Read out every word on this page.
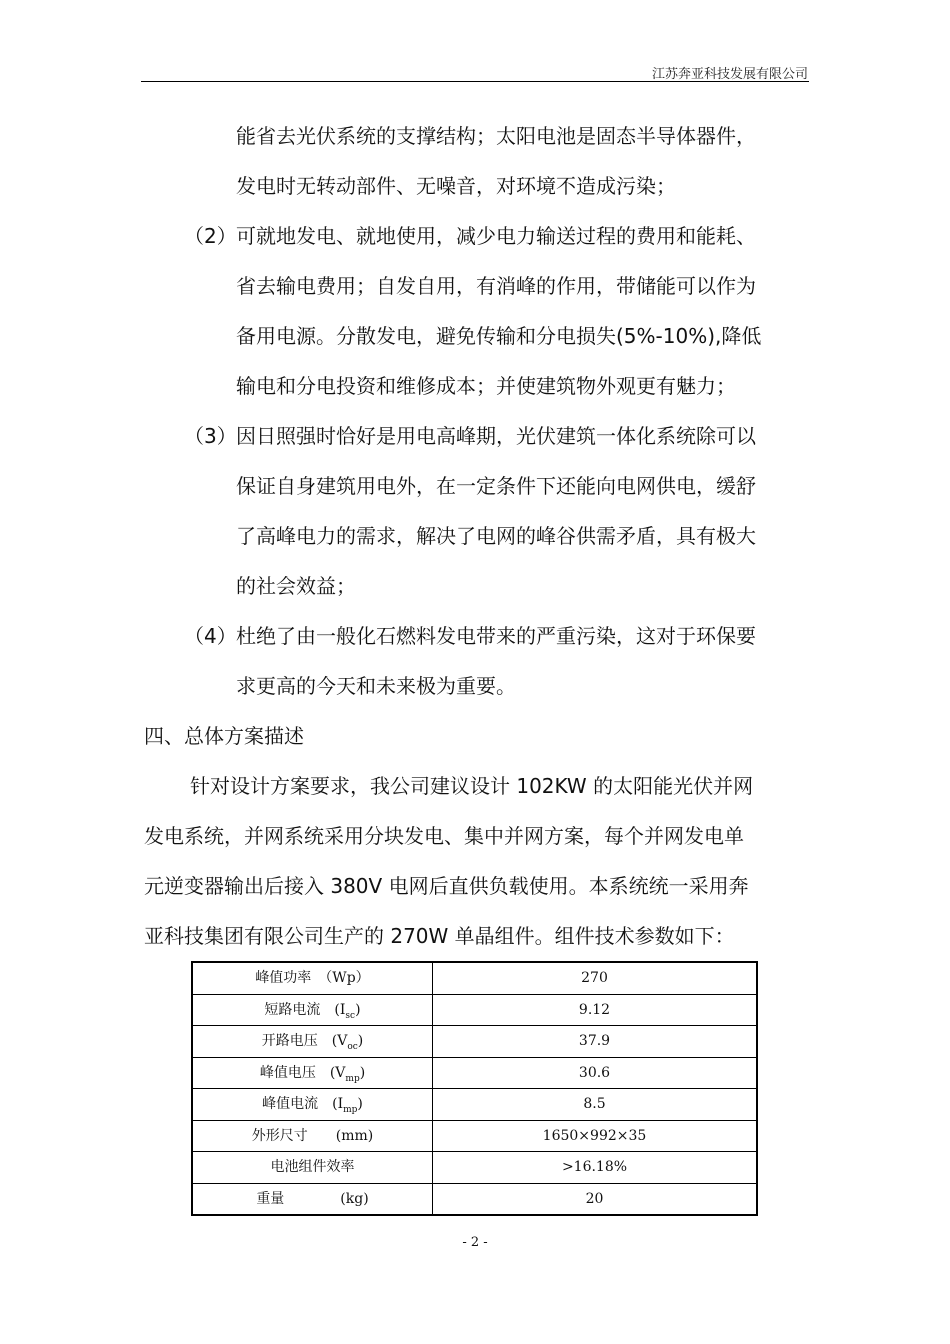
江苏奔亚科技发展有限公司
能省去光伏系统的支撑结构；太阳电池是固态半导体器件，
发电时无转动部件、无噪音，对环境不造成污染；
（2）可就地发电、就地使用，减少电力输送过程的费用和能耗、
省去输电费用；自发自用，有消峰的作用，带储能可以作为
备用电源。分散发电，避免传输和分电损失(5%-10%),降低
输电和分电投资和维修成本；并使建筑物外观更有魅力；
（3）因日照强时恰好是用电高峰期，光伏建筑一体化系统除可以
保证自身建筑用电外，在一定条件下还能向电网供电，缓舒
了高峰电力的需求，解决了电网的峰谷供需矛盾，具有极大
的社会效益；
（4）杜绝了由一般化石燃料发电带来的严重污染，这对于环保要
求更高的今天和未来极为重要。
四、总体方案描述
针对设计方案要求，我公司建议设计 102KW 的太阳能光伏并网
发电系统，并网系统采用分块发电、集中并网方案，每个并网发电单
元逆变器输出后接入 380V 电网后直供负载使用。本系统统一采用奔
亚科技集团有限公司生产的 270W 单晶组件。组件技术参数如下：
峰值功率　（Wp）	270
短路电流　$(I_{sc})$	9.12
开路电压　$(V_{oc})$	37.9
峰值电压　$(V_{mp})$	30.6
峰值电流　$(I_{mp})$	8.5
外形尺寸　　(mm)	1650×992×35
电池组件效率	>16.18%
重量　　　　(kg)	20
- 2 -
